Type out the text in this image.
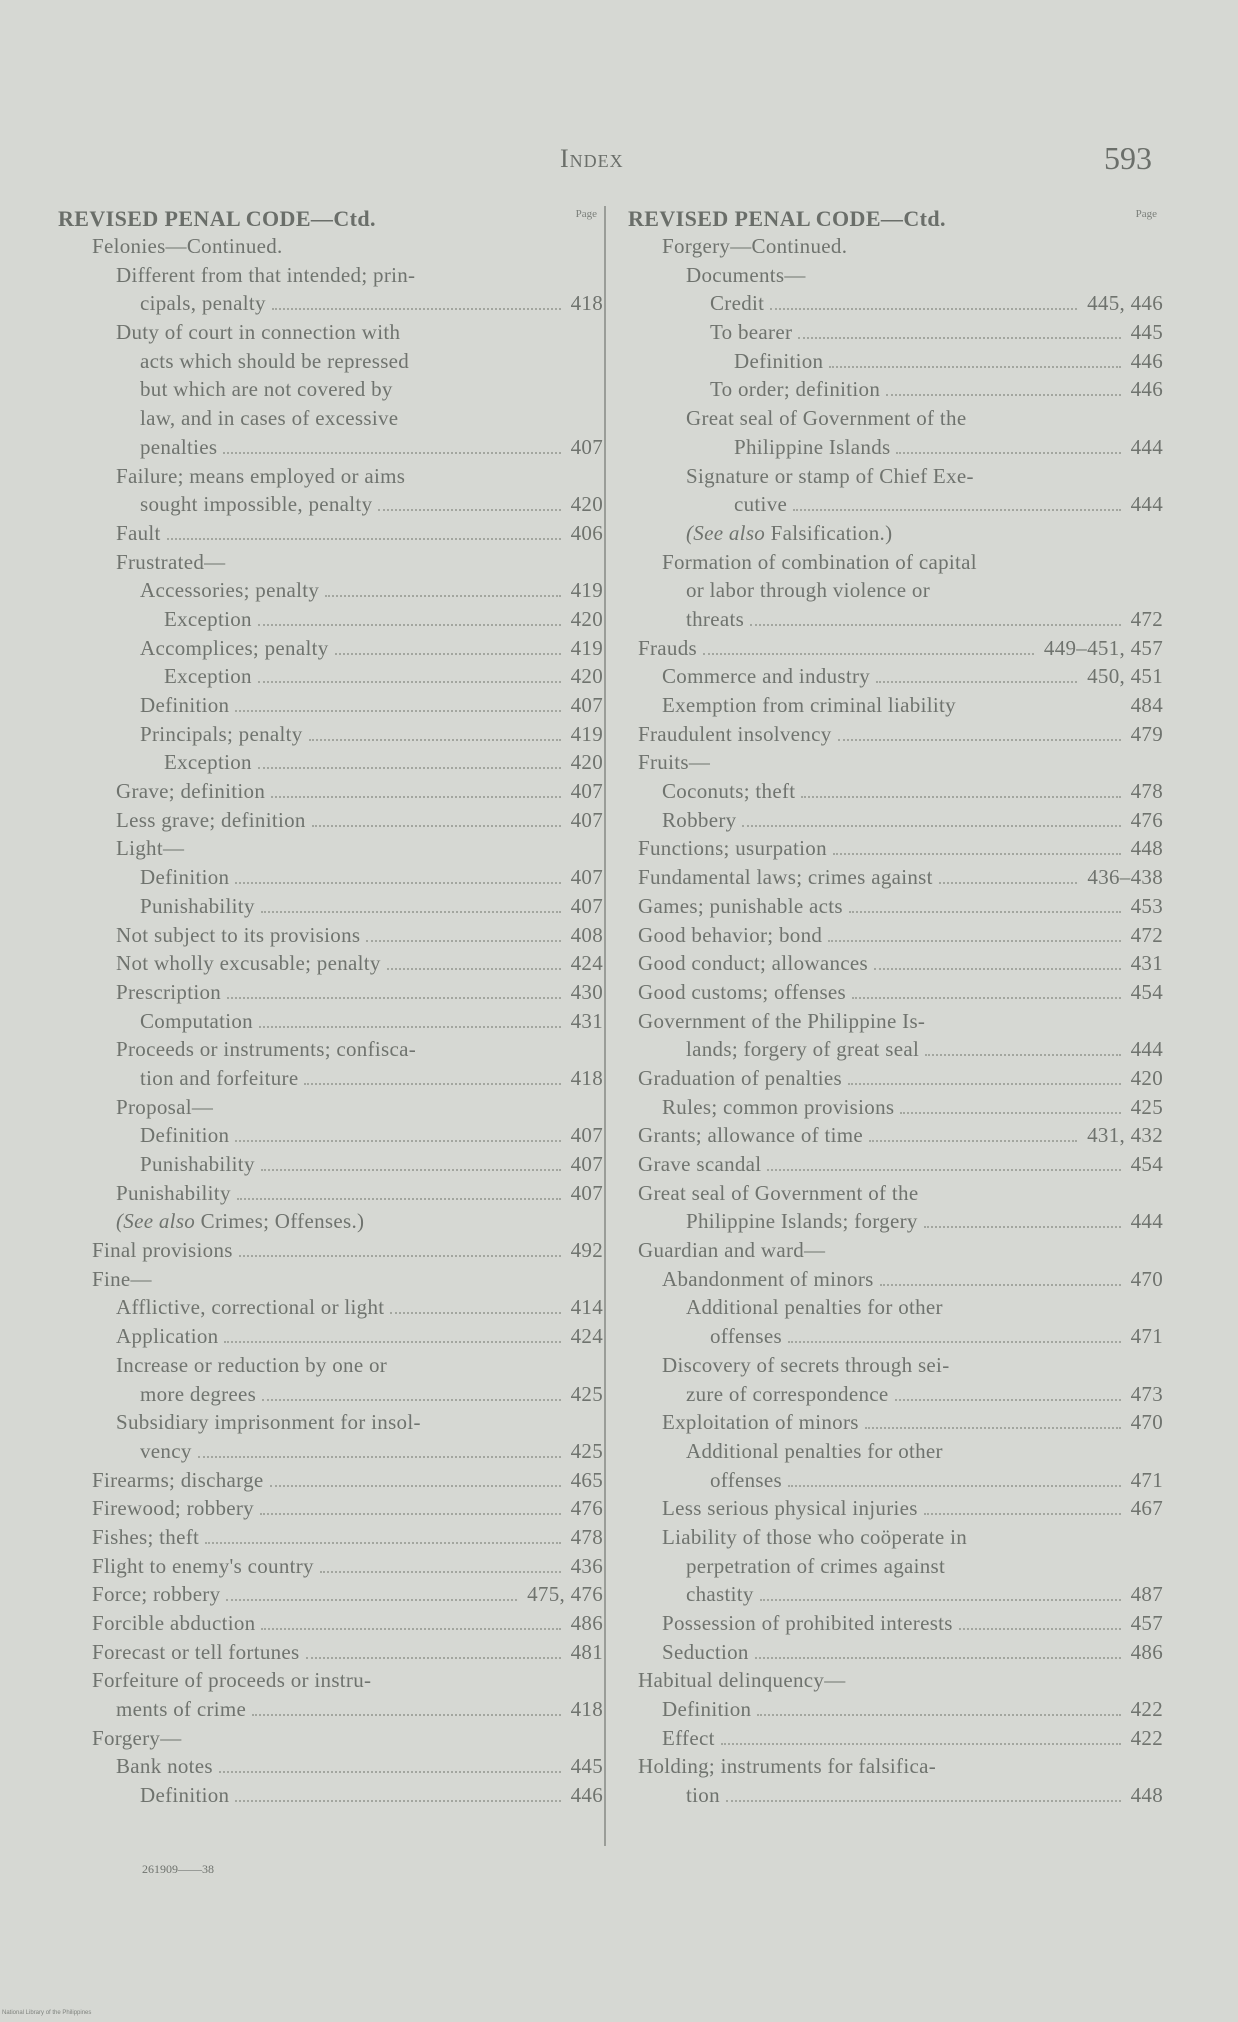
Index	593
REVISED PENAL CODE—Ctd.	Page
Felonies—Continued.
Different from that intended; prin-
cipals, penalty	418
Duty of court in connection with
acts which should be repressed
but which are not covered by
law, and in cases of excessive
penalties	407
Failure; means employed or aims
sought impossible, penalty	420
Fault	406
Frustrated—
Accessories; penalty	419
Exception	420
Accomplices; penalty	419
Exception	420
Definition	407
Principals; penalty	419
Exception	420
Grave; definition	407
Less grave; definition	407
Light—
Definition	407
Punishability	407
Not subject to its provisions	408
Not wholly excusable; penalty	424
Prescription	430
Computation	431
Proceeds or instruments; confisca-
tion and forfeiture	418
Proposal—
Definition	407
Punishability	407
Punishability	407
(See also Crimes; Offenses.)
Final provisions	492
Fine—
Afflictive, correctional or light	414
Application	424
Increase or reduction by one or
more degrees	425
Subsidiary imprisonment for insol-
vency	425
Firearms; discharge	465
Firewood; robbery	476
Fishes; theft	478
Flight to enemy's country	436
Force; robbery	475, 476
Forcible abduction	486
Forecast or tell fortunes	481
Forfeiture of proceeds or instru-
ments of crime	418
Forgery—
Bank notes	445
Definition	446
REVISED PENAL CODE—Ctd.	Page
Forgery—Continued.
Documents—
Credit	445, 446
To bearer	445
Definition	446
To order; definition	446
Great seal of Government of the
Philippine Islands	444
Signature or stamp of Chief Exe-
cutive	444
(See also Falsification.)
Formation of combination of capital
or labor through violence or
threats	472
Frauds	449–451, 457
Commerce and industry	450, 451
Exemption from criminal liability	484
Fraudulent insolvency	479
Fruits—
Coconuts; theft	478
Robbery	476
Functions; usurpation	448
Fundamental laws; crimes against	436–438
Games; punishable acts	453
Good behavior; bond	472
Good conduct; allowances	431
Good customs; offenses	454
Government of the Philippine Is-
lands; forgery of great seal	444
Graduation of penalties	420
Rules; common provisions	425
Grants; allowance of time	431, 432
Grave scandal	454
Great seal of Government of the
Philippine Islands; forgery	444
Guardian and ward—
Abandonment of minors	470
Additional penalties for other
offenses	471
Discovery of secrets through sei-
zure of correspondence	473
Exploitation of minors	470
Additional penalties for other
offenses	471
Less serious physical injuries	467
Liability of those who coöperate in
perpetration of crimes against
chastity	487
Possession of prohibited interests	457
Seduction	486
Habitual delinquency—
Definition	422
Effect	422
Holding; instruments for falsifica-
tion	448
261909——38
National Library of the Philippines
